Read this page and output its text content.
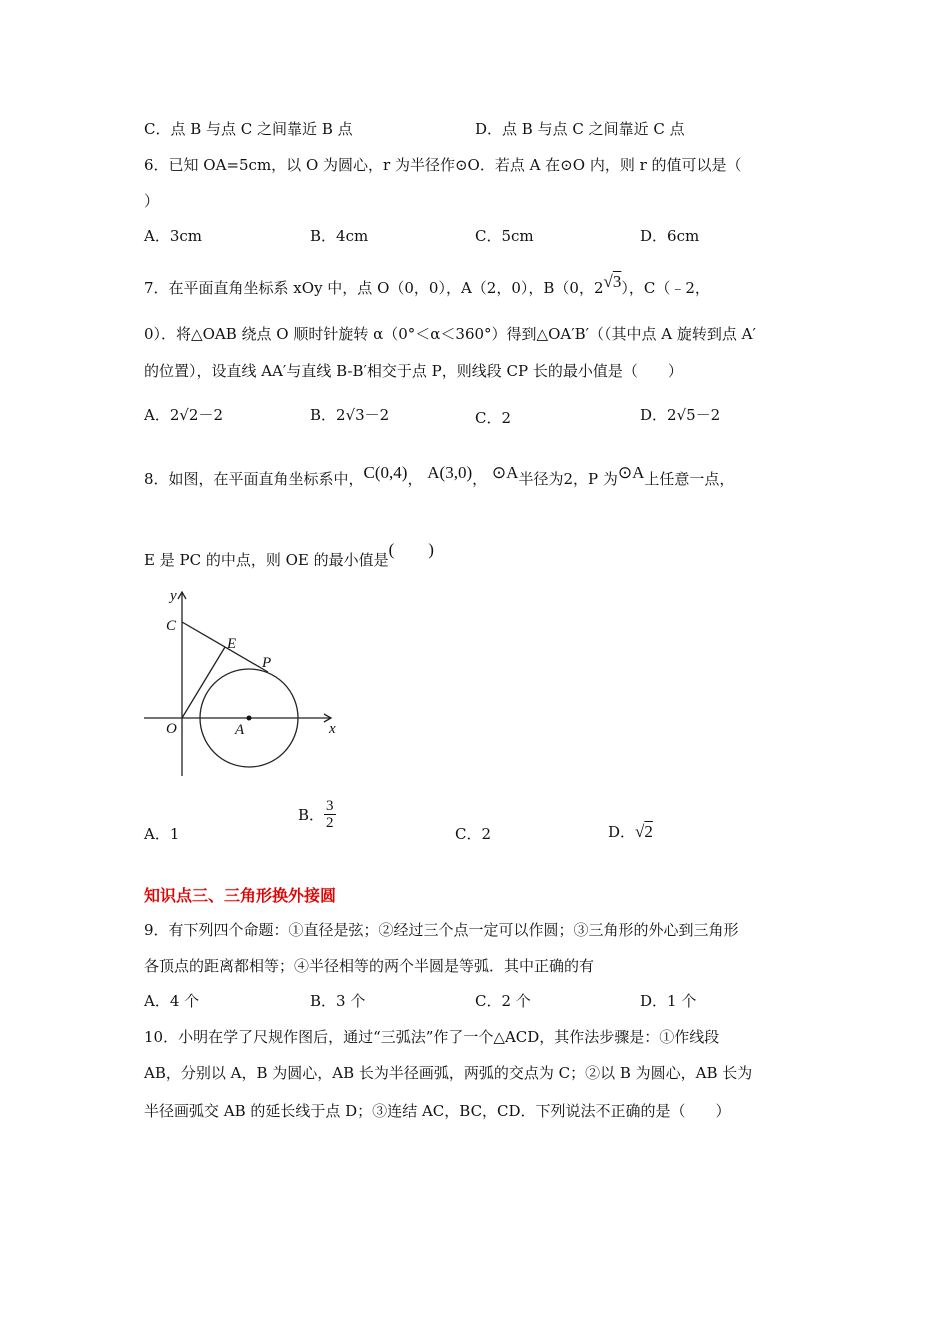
C．点 B 与点 C 之间靠近 B 点	D．点 B 与点 C 之间靠近 C 点
6．已知 OA=5cm，以 O 为圆心，r 为半径作⊙O．若点 A 在⊙O 内，则 r 的值可以是（
）
A．3cm	B．4cm	C．5cm	D．6cm
7．在平面直角坐标系 xOy 中，点 O（0，0），A（2，0），B（0，$2^{√3}$），C（﹣2，
0）．将△OAB 绕点 O 顺时针旋转 α（0°＜α＜360°）得到△OA′B′（（其中点 A 旋转到点 A′
的位置），设直线 AA′与直线 B-B′相交于点 P，则线段 CP 长的最小值是（　　）
A．2√2－2	B．2√3－2	C．2	D．2√5－2
8．如图，在平面直角坐标系中，C(0,4)， A(3,0)， ⊙A半径为2，P 为⊙A上任意一点，
E 是 PC 的中点，则 OE 的最小值是(　　)
y
x
O
C
E
P
A
A．1
B． $\frac{3}{2}$
C．2	D．√2
知识点三、三角形换外接圆
9．有下列四个命题：①直径是弦；②经过三个点一定可以作圆；③三角形的外心到三角形
各顶点的距离都相等；④半径相等的两个半圆是等弧．其中正确的有
A．4 个	B．3 个	C．2 个	D．1 个
10．小明在学了尺规作图后，通过“三弧法”作了一个△ACD，其作法步骤是：①作线段
AB，分别以 A，B 为圆心，AB 长为半径画弧，两弧的交点为 C；②以 B 为圆心，AB 长为
半径画弧交 AB 的延长线于点 D；③连结 AC，BC，CD．下列说法不正确的是（　　）
